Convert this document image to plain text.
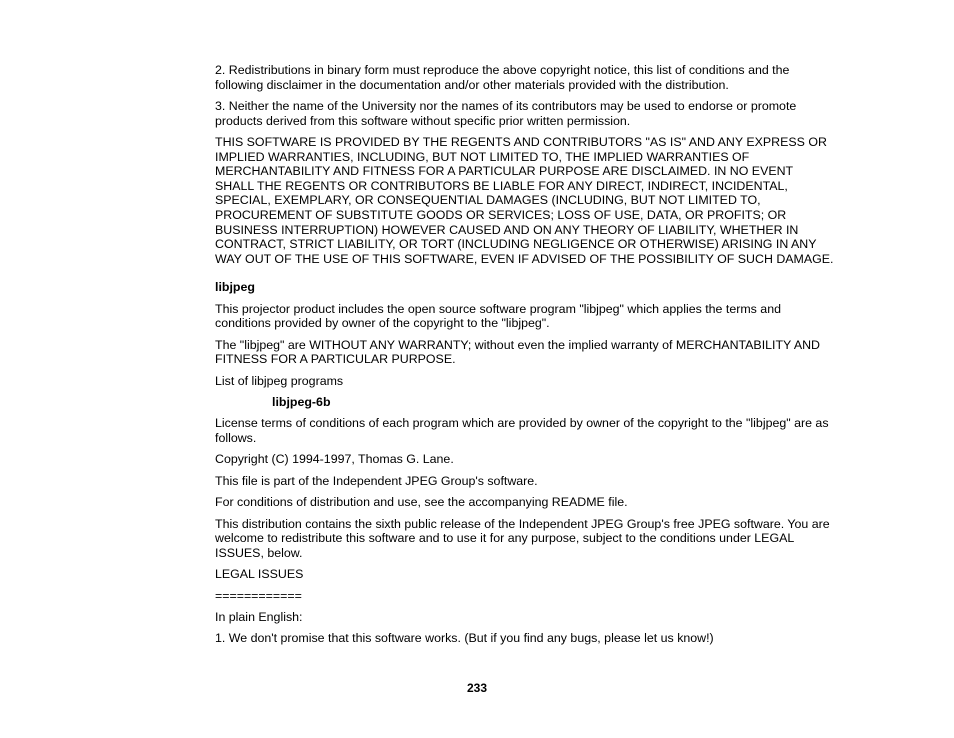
2. Redistributions in binary form must reproduce the above copyright notice, this list of conditions and the following disclaimer in the documentation and/or other materials provided with the distribution.

3. Neither the name of the University nor the names of its contributors may be used to endorse or promote products derived from this software without specific prior written permission.

THIS SOFTWARE IS PROVIDED BY THE REGENTS AND CONTRIBUTORS "AS IS" AND ANY EXPRESS OR IMPLIED WARRANTIES, INCLUDING, BUT NOT LIMITED TO, THE IMPLIED WARRANTIES OF MERCHANTABILITY AND FITNESS FOR A PARTICULAR PURPOSE ARE DISCLAIMED. IN NO EVENT SHALL THE REGENTS OR CONTRIBUTORS BE LIABLE FOR ANY DIRECT, INDIRECT, INCIDENTAL, SPECIAL, EXEMPLARY, OR CONSEQUENTIAL DAMAGES (INCLUDING, BUT NOT LIMITED TO, PROCUREMENT OF SUBSTITUTE GOODS OR SERVICES; LOSS OF USE, DATA, OR PROFITS; OR BUSINESS INTERRUPTION) HOWEVER CAUSED AND ON ANY THEORY OF LIABILITY, WHETHER IN CONTRACT, STRICT LIABILITY, OR TORT (INCLUDING NEGLIGENCE OR OTHERWISE) ARISING IN ANY WAY OUT OF THE USE OF THIS SOFTWARE, EVEN IF ADVISED OF THE POSSIBILITY OF SUCH DAMAGE.

libjpeg

This projector product includes the open source software program "libjpeg" which applies the terms and conditions provided by owner of the copyright to the "libjpeg".

The "libjpeg" are WITHOUT ANY WARRANTY; without even the implied warranty of MERCHANTABILITY AND FITNESS FOR A PARTICULAR PURPOSE.

List of libjpeg programs

libjpeg-6b

License terms of conditions of each program which are provided by owner of the copyright to the "libjpeg" are as follows.

Copyright (C) 1994-1997, Thomas G. Lane.

This file is part of the Independent JPEG Group's software.

For conditions of distribution and use, see the accompanying README file.

This distribution contains the sixth public release of the Independent JPEG Group's free JPEG software. You are welcome to redistribute this software and to use it for any purpose, subject to the conditions under LEGAL ISSUES, below.

LEGAL ISSUES

============

In plain English:

1. We don't promise that this software works. (But if you find any bugs, please let us know!)

233
